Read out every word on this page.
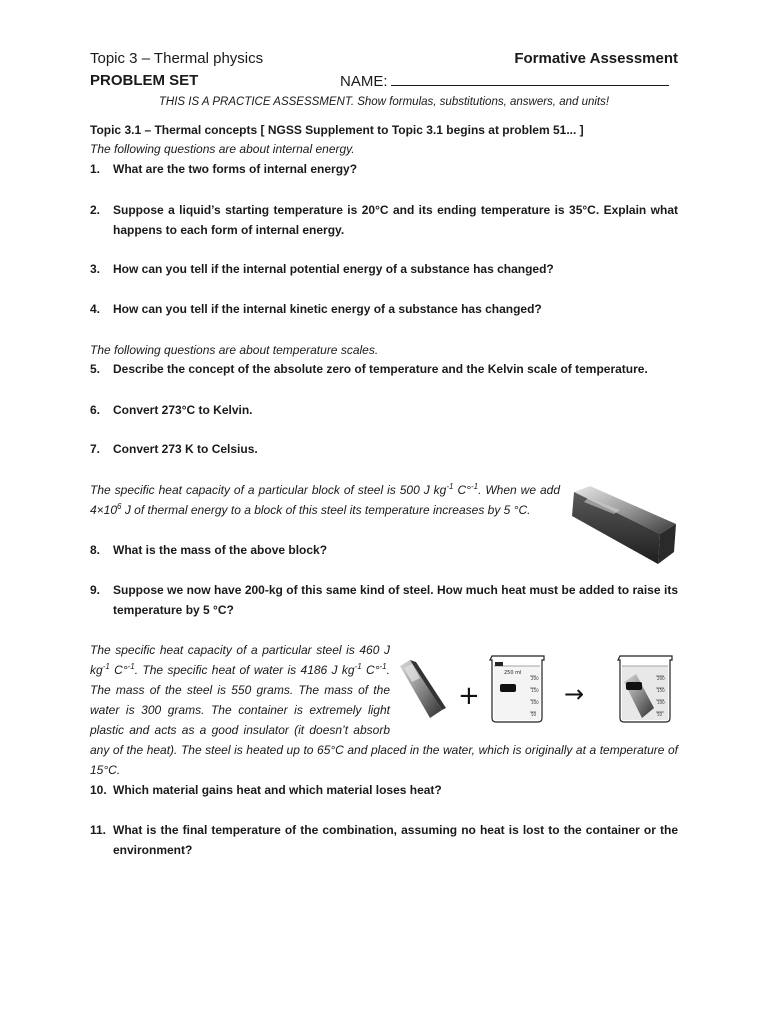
Topic 3 – Thermal physics	Formative Assessment
PROBLEM SET	NAME:
THIS IS A PRACTICE ASSESSMENT. Show formulas, substitutions, answers, and units!
Topic 3.1 – Thermal concepts [ NGSS Supplement to Topic 3.1 begins at problem 51... ]
The following questions are about internal energy.
1.	What are the two forms of internal energy?
2.	Suppose a liquid’s starting temperature is 20°C and its ending temperature is 35°C. Explain what happens to each form of internal energy.
3.	How can you tell if the internal potential energy of a substance has changed?
4.	How can you tell if the internal kinetic energy of a substance has changed?
The following questions are about temperature scales.
5.	Describe the concept of the absolute zero of temperature and the Kelvin scale of temperature.
6.	Convert 273°C to Kelvin.
7.	Convert 273 K to Celsius.
The specific heat capacity of a particular block of steel is 500 J $kg^{-1}$ C°$^{-1}$. When we add $4\times 10^6$ J of thermal energy to a block of this steel its temperature increases by 5 °C.
8.	What is the mass of the above block?
9.	Suppose we now have 200-kg of this same kind of steel. How much heat must be added to raise its temperature by 5 °C?
The specific heat capacity of a particular steel is 460 J $kg^{-1}$ C°$^{-1}$. The specific heat of water is 4186 J $kg^{-1}$ C°$^{-1}$. The mass of the steel is 550 grams. The mass of the water is 300 grams. The container is extremely light plastic and acts as a good insulator (it doesn’t absorb any of the heat). The steel is heated up to 65°C and placed in the water, which is originally at a temperature of 15°C.
+
250 ml
200
150
100
50
→
200
150
100
50
10. Which material gains heat and which material loses heat?
11. What is the final temperature of the combination, assuming no heat is lost to the container or the environment?
